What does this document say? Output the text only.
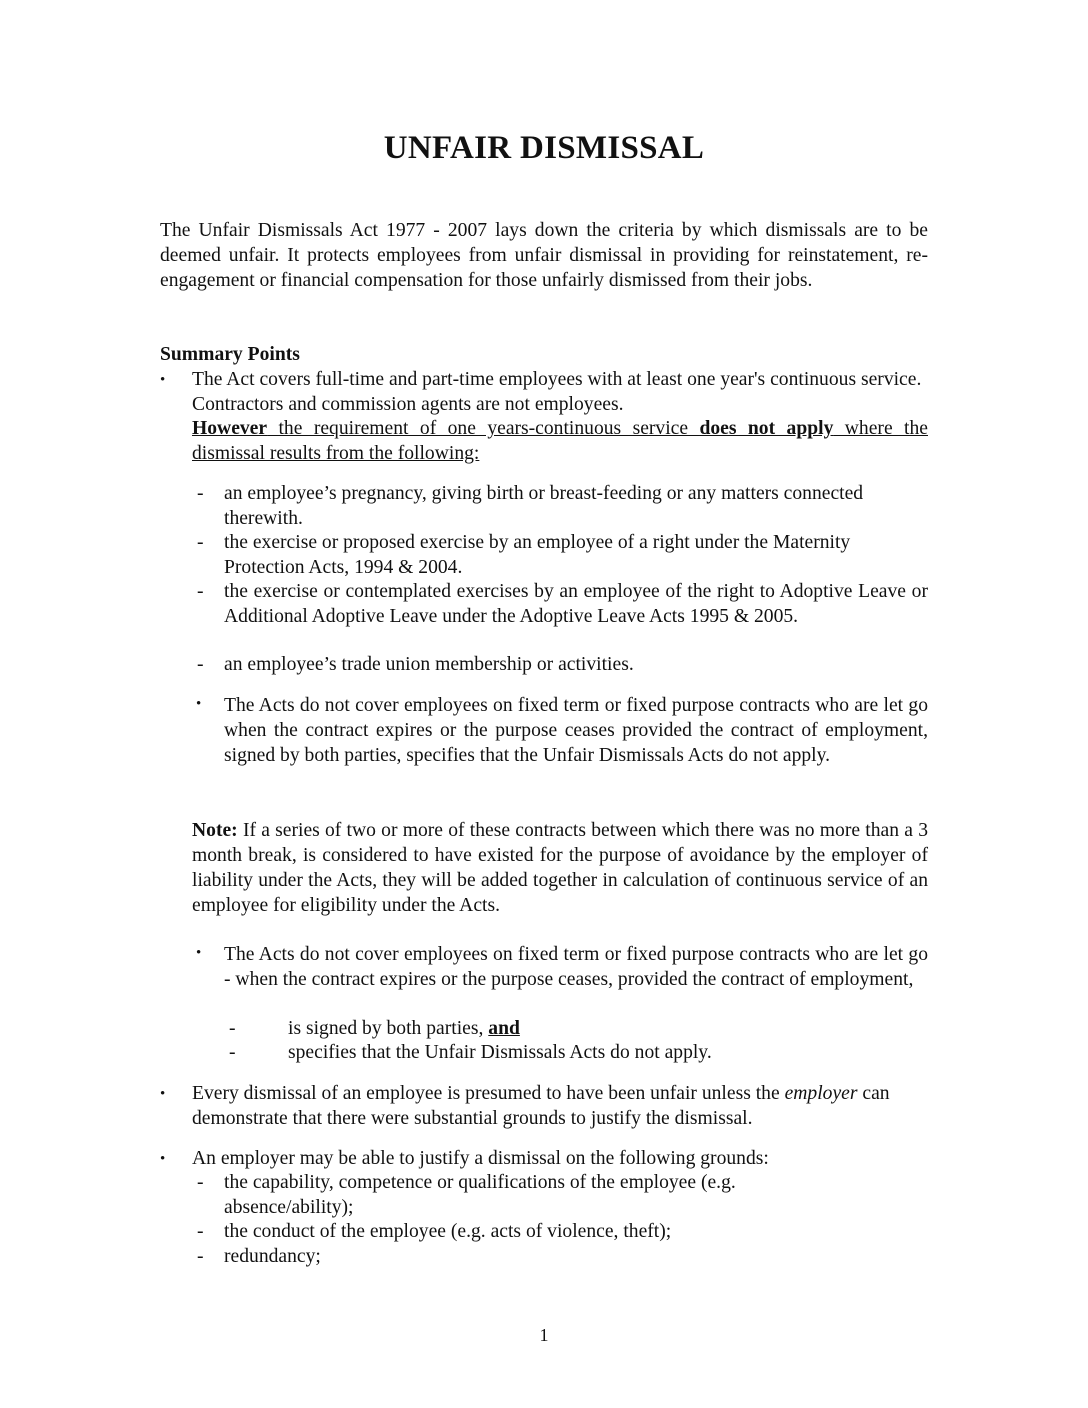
UNFAIR DISMISSAL

The Unfair Dismissals Act 1977 - 2007 lays down the criteria by which dismissals are to be deemed unfair. It protects employees from unfair dismissal in providing for reinstatement, re-engagement or financial compensation for those unfairly dismissed from their jobs.

Summary Points

• The Act covers full-time and part-time employees with at least one year's continuous service. Contractors and commission agents are not employees.

However the requirement of one years-continuous service does not apply where the dismissal results from the following:

- an employee’s pregnancy, giving birth or breast-feeding or any matters connected therewith.

- the exercise or proposed exercise by an employee of a right under the Maternity Protection Acts, 1994 & 2004.

- the exercise or contemplated exercises by an employee of the right to Adoptive Leave or Additional Adoptive Leave under the Adoptive Leave Acts 1995 & 2005.

- an employee’s trade union membership or activities.

• The Acts do not cover employees on fixed term or fixed purpose contracts who are let go when the contract expires or the purpose ceases provided the contract of employment, signed by both parties, specifies that the Unfair Dismissals Acts do not apply.

Note: If a series of two or more of these contracts between which there was no more than a 3 month break, is considered to have existed for the purpose of avoidance by the employer of liability under the Acts, they will be added together in calculation of continuous service of an employee for eligibility under the Acts.

• The Acts do not cover employees on fixed term or fixed purpose contracts who are let go - when the contract expires or the purpose ceases, provided the contract of employment,

-	is signed by both parties, and

-	specifies that the Unfair Dismissals Acts do not apply.

• Every dismissal of an employee is presumed to have been unfair unless the employer can demonstrate that there were substantial grounds to justify the dismissal.

• An employer may be able to justify a dismissal on the following grounds:

- the capability, competence or qualifications of the employee (e.g. absence/ability);

- the conduct of the employee (e.g. acts of violence, theft);

- redundancy;

1
